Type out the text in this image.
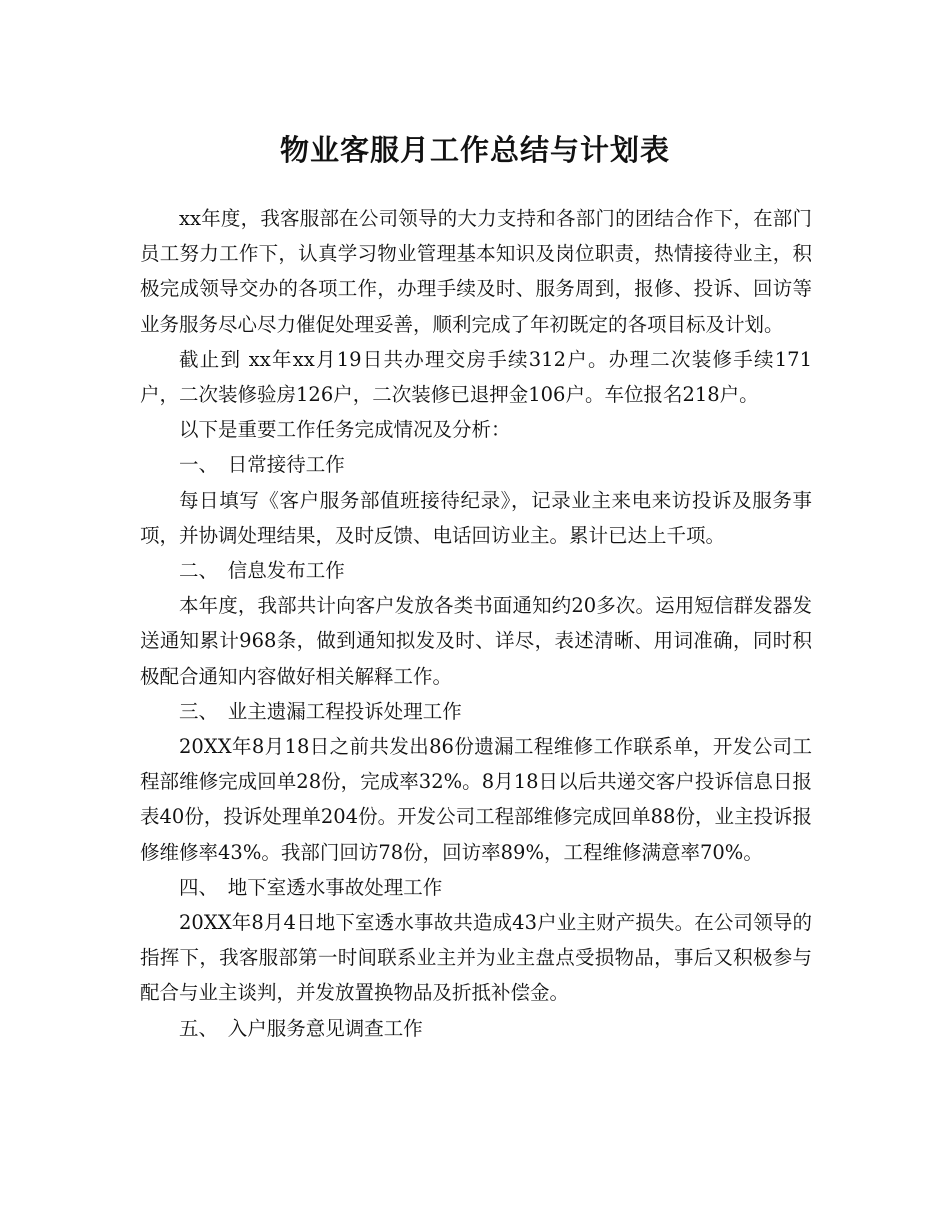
物业客服月工作总结与计划表

xx年度，我客服部在公司领导的大力支持和各部门的团结合作下，在部门员工努力工作下，认真学习物业管理基本知识及岗位职责，热情接待业主，积极完成领导交办的各项工作，办理手续及时、服务周到，报修、投诉、回访等业务服务尽心尽力催促处理妥善，顺利完成了年初既定的各项目标及计划。

截止到 xx年xx月19日共办理交房手续312户。办理二次装修手续171户，二次装修验房126户，二次装修已退押金106户。车位报名218户。

以下是重要工作任务完成情况及分析：

一、　日常接待工作

每日填写《客户服务部值班接待纪录》，记录业主来电来访投诉及服务事项，并协调处理结果，及时反馈、电话回访业主。累计已达上千项。

二、　信息发布工作

本年度，我部共计向客户发放各类书面通知约20多次。运用短信群发器发送通知累计968条，做到通知拟发及时、详尽，表述清晰、用词准确，同时积极配合通知内容做好相关解释工作。

三、　业主遗漏工程投诉处理工作

20XX年8月18日之前共发出86份遗漏工程维修工作联系单，开发公司工程部维修完成回单28份，完成率32%。8月18日以后共递交客户投诉信息日报表40份，投诉处理单204份。开发公司工程部维修完成回单88份，业主投诉报修维修率43%。我部门回访78份，回访率89%，工程维修满意率70%。

四、　地下室透水事故处理工作

20XX年8月4日地下室透水事故共造成43户业主财产损失。在公司领导的指挥下，我客服部第一时间联系业主并为业主盘点受损物品，事后又积极参与配合与业主谈判，并发放置换物品及折抵补偿金。

五、　入户服务意见调查工作
